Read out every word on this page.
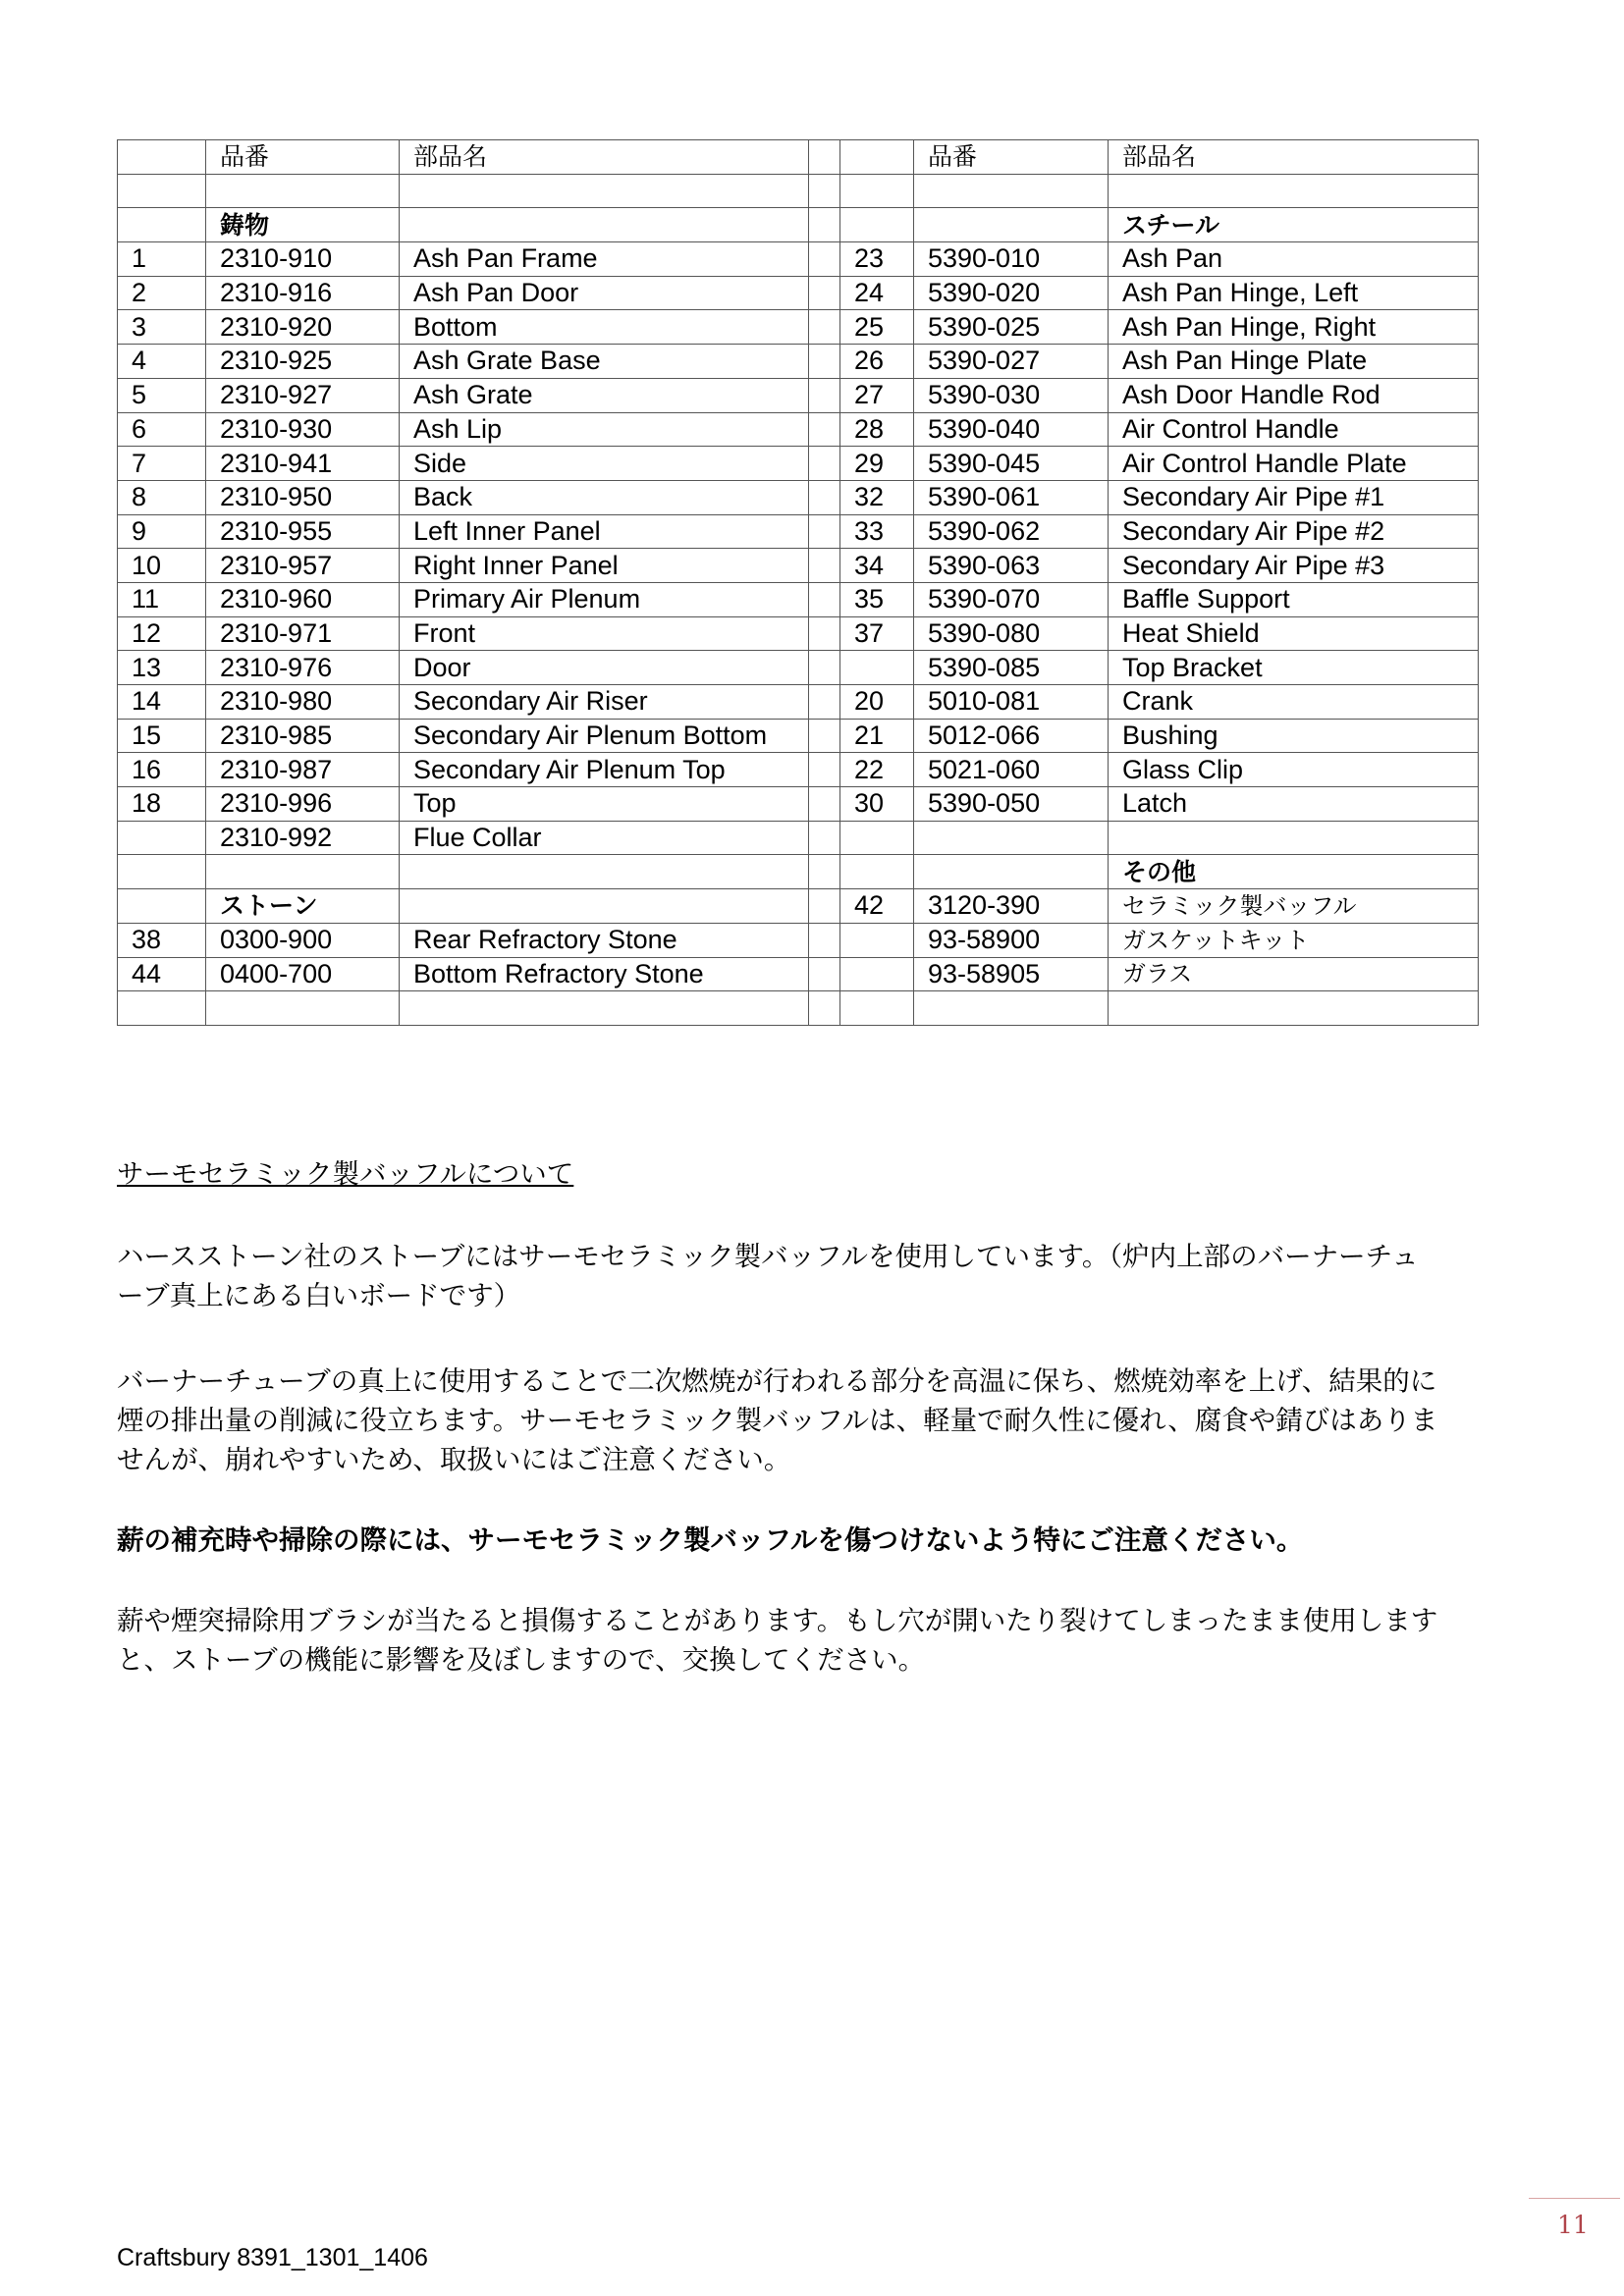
	品番	部品名			品番	部品名

	鋳物					スチール
1	2310-910	Ash Pan Frame		23	5390-010	Ash Pan
2	2310-916	Ash Pan Door		24	5390-020	Ash Pan Hinge, Left
3	2310-920	Bottom		25	5390-025	Ash Pan Hinge, Right
4	2310-925	Ash Grate Base		26	5390-027	Ash Pan Hinge Plate
5	2310-927	Ash Grate		27	5390-030	Ash Door Handle Rod
6	2310-930	Ash Lip		28	5390-040	Air Control Handle
7	2310-941	Side		29	5390-045	Air Control Handle Plate
8	2310-950	Back		32	5390-061	Secondary Air Pipe #1
9	2310-955	Left Inner Panel		33	5390-062	Secondary Air Pipe #2
10	2310-957	Right Inner Panel		34	5390-063	Secondary Air Pipe #3
11	2310-960	Primary Air Plenum		35	5390-070	Baffle Support
12	2310-971	Front		37	5390-080	Heat Shield
13	2310-976	Door			5390-085	Top Bracket
14	2310-980	Secondary Air Riser		20	5010-081	Crank
15	2310-985	Secondary Air Plenum Bottom		21	5012-066	Bushing
16	2310-987	Secondary Air Plenum Top		22	5021-060	Glass Clip
18	2310-996	Top		30	5390-050	Latch
	2310-992	Flue Collar				
						その他
	ストーン			42	3120-390	セラミック製バッフル
38	0300-900	Rear Refractory Stone			93-58900	ガスケットキット
44	0400-700	Bottom Refractory Stone			93-58905	ガラス

サーモセラミック製バッフルについて

ハースストーン社のストーブにはサーモセラミック製バッフルを使用しています。（炉内上部のバーナーチュ
ーブ真上にある白いボードです）

バーナーチューブの真上に使用することで二次燃焼が行われる部分を高温に保ち、燃焼効率を上げ、結果的に
煙の排出量の削減に役立ちます。サーモセラミック製バッフルは、軽量で耐久性に優れ、腐食や錆びはありま
せんが、崩れやすいため、取扱いにはご注意ください。

薪の補充時や掃除の際には、サーモセラミック製バッフルを傷つけないよう特にご注意ください。

薪や煙突掃除用ブラシが当たると損傷することがあります。もし穴が開いたり裂けてしまったまま使用します
と、ストーブの機能に影響を及ぼしますので、交換してください。

11
Craftsbury 8391_1301_1406
